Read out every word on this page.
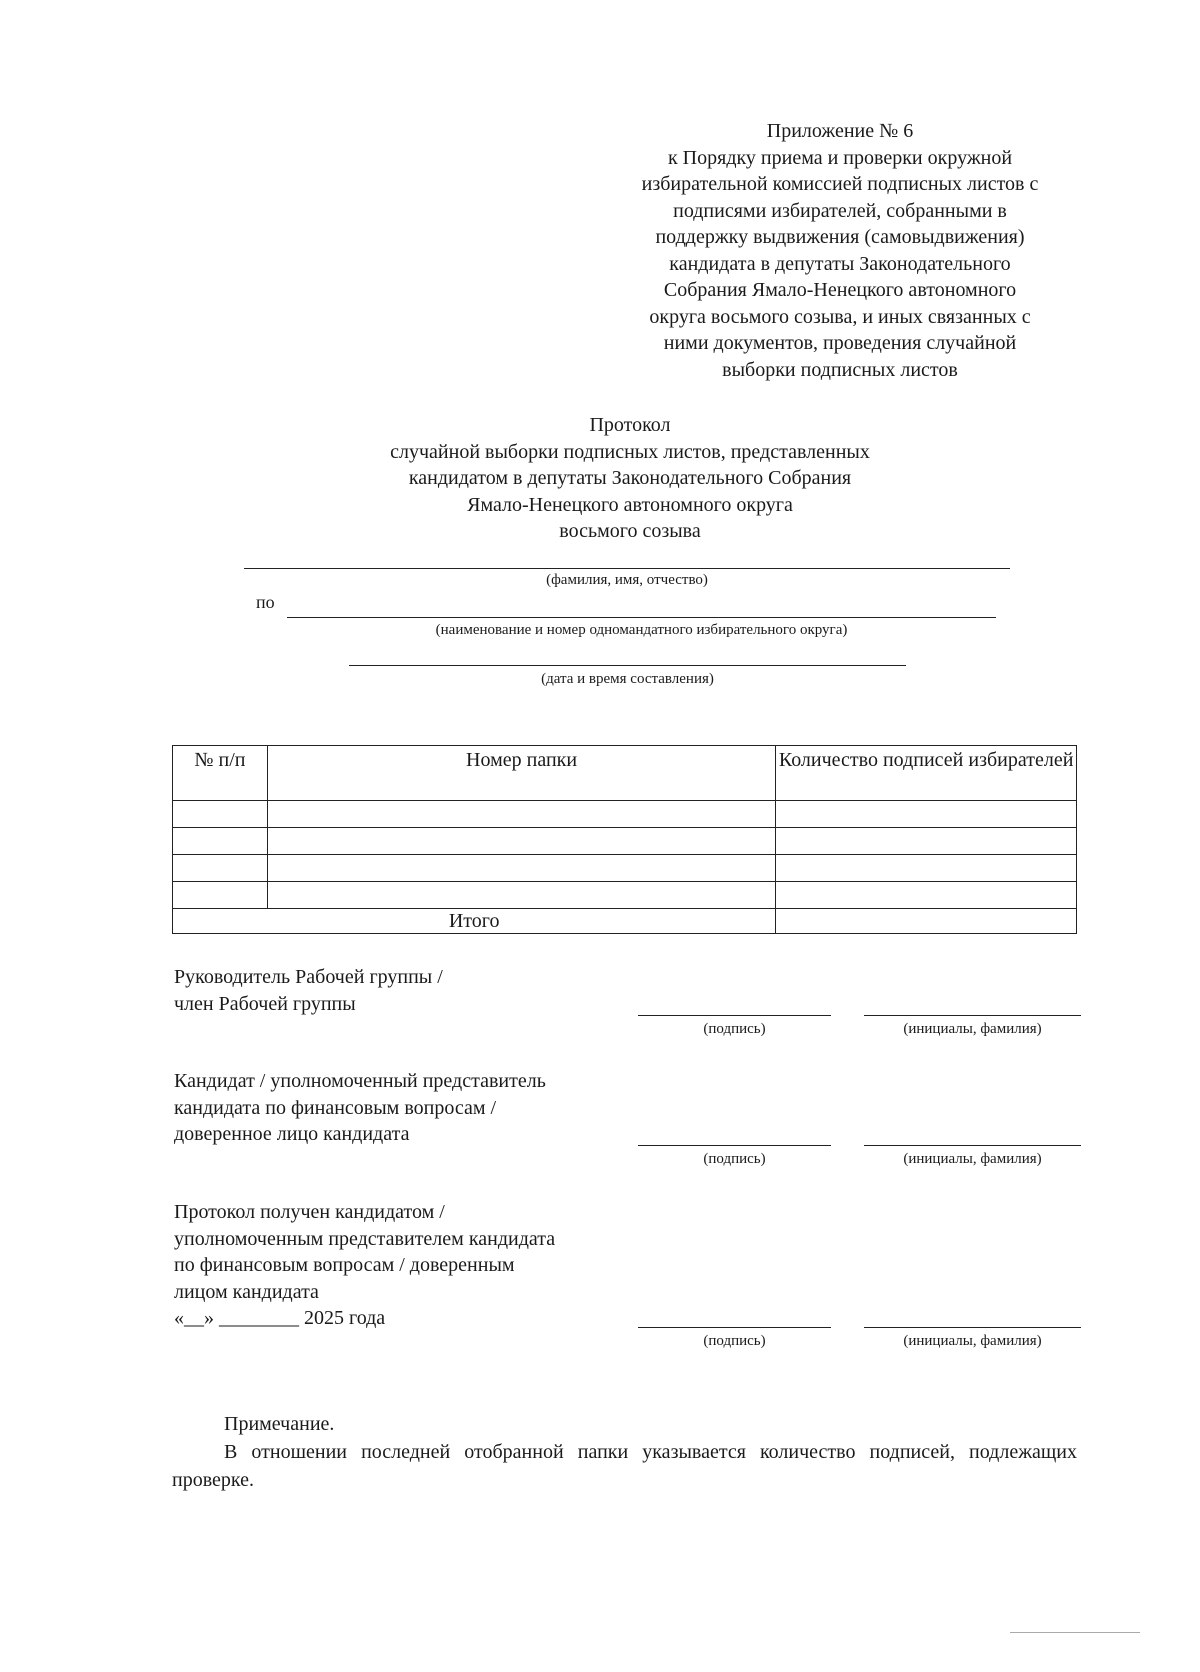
Приложение № 6
к Порядку приема и проверки окружной
избирательной комиссией подписных листов с
подписями избирателей, собранными в
поддержку выдвижения (самовыдвижения)
кандидата в депутаты Законодательного
Собрания Ямало-Ненецкого автономного
округа восьмого созыва, и иных связанных с
ними документов, проведения случайной
выборки подписных листов
Протокол
случайной выборки подписных листов, представленных
кандидатом в депутаты Законодательного Собрания
Ямало-Ненецкого автономного округа
восьмого созыва
(фамилия, имя, отчество)
по
(наименование и номер одномандатного избирательного округа)
(дата и время составления)
№ п/п	Номер папки	Количество подписей избирателей

Итого		
Руководитель Рабочей группы /
член Рабочей группы
(подпись)	(инициалы, фамилия)
Кандидат / уполномоченный представитель
кандидата по финансовым вопросам /
доверенное лицо кандидата
(подпись)	(инициалы, фамилия)
Протокол получен кандидатом /
уполномоченным представителем кандидата
по финансовым вопросам / доверенным
лицом кандидата
«__» ________ 2025 года
(подпись)	(инициалы, фамилия)
Примечание.
В отношении последней отобранной папки указывается количество подписей, подлежащих проверке.
